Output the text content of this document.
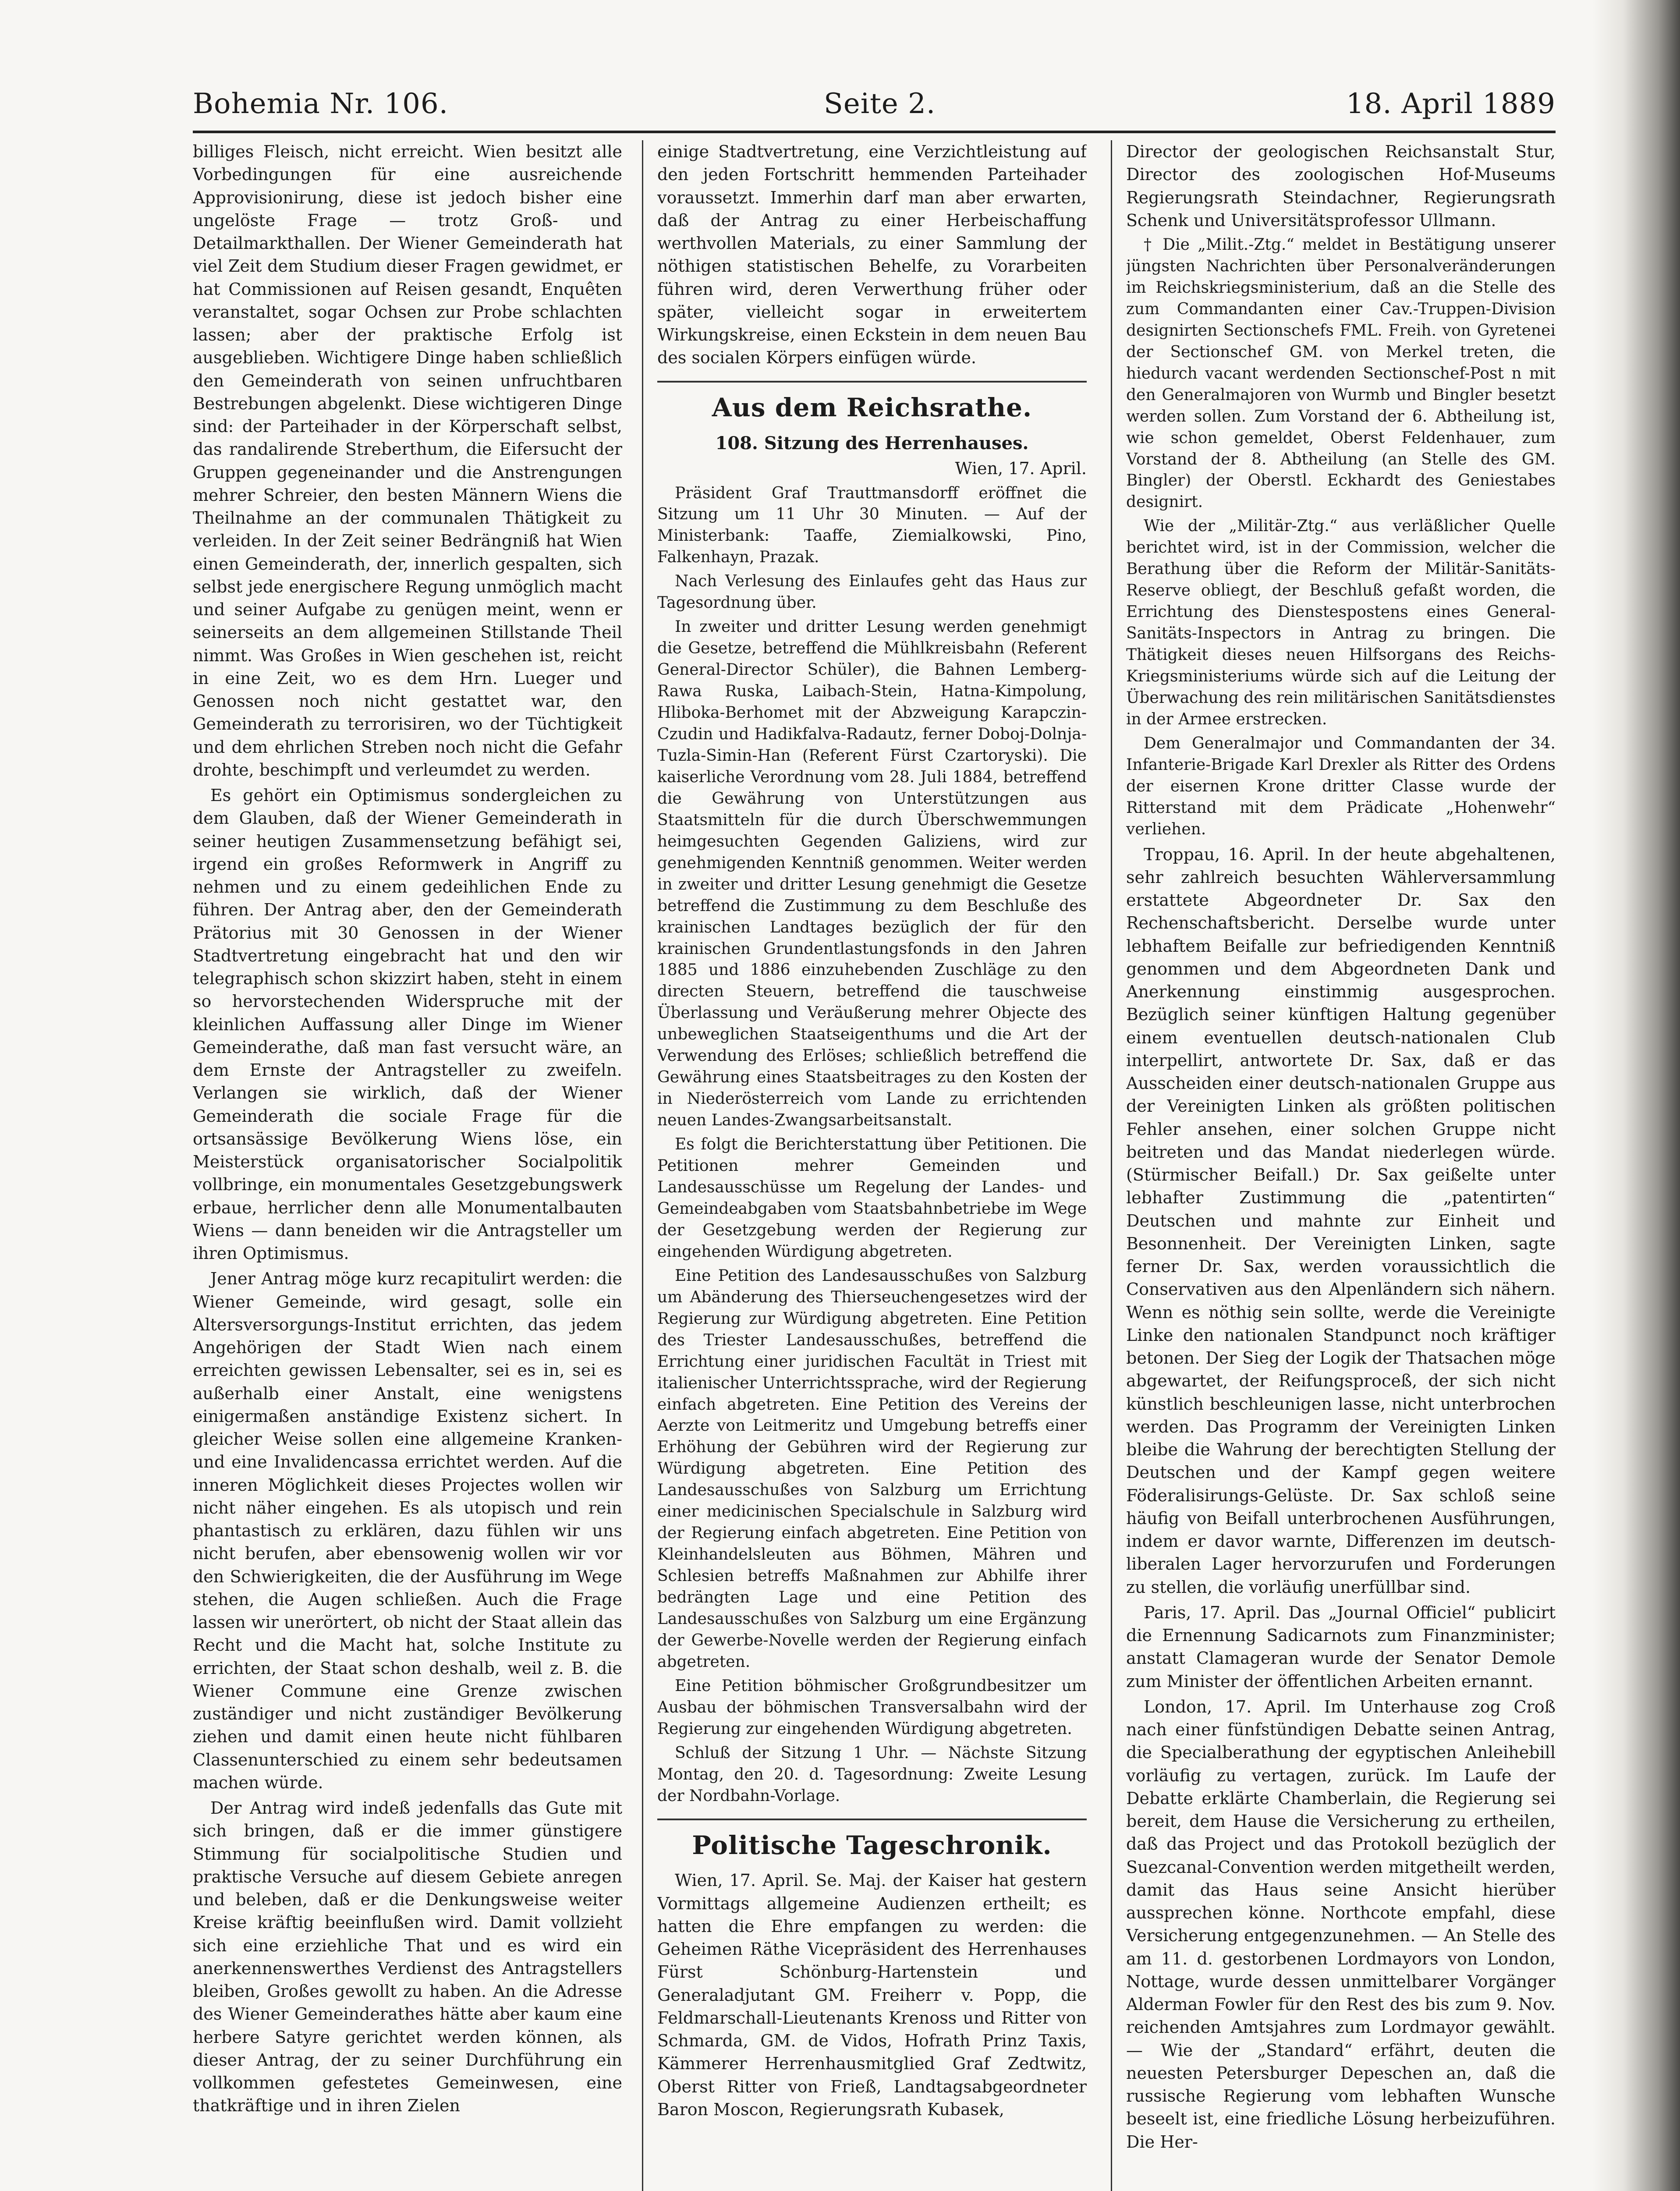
Bohemia Nr. 106.	Seite 2.	18. April 1889

billiges Fleisch, nicht erreicht. Wien besitzt alle Vorbedingungen für eine ausreichende Approvisionirung, diese ist jedoch bisher eine ungelöste Frage — trotz Groß- und Detailmarkthallen. Der Wiener Gemeinderath hat viel Zeit dem Studium dieser Fragen gewidmet, er hat Commissionen auf Reisen gesandt, Enquêten veranstaltet, sogar Ochsen zur Probe schlachten lassen; aber der praktische Erfolg ist ausgeblieben. Wichtigere Dinge haben schließlich den Gemeinderath von seinen unfruchtbaren Bestrebungen abgelenkt. Diese wichtigeren Dinge sind: der Parteihader in der Körperschaft selbst, das randalirende Streberthum, die Eifersucht der Gruppen gegeneinander und die Anstrengungen mehrer Schreier, den besten Männern Wiens die Theilnahme an der communalen Thätigkeit zu verleiden. In der Zeit seiner Bedrängniß hat Wien einen Gemeinderath, der, innerlich gespalten, sich selbst jede energischere Regung unmöglich macht und seiner Aufgabe zu genügen meint, wenn er seinerseits an dem allgemeinen Stillstande Theil nimmt. Was Großes in Wien geschehen ist, reicht in eine Zeit, wo es dem Hrn. Lueger und Genossen noch nicht gestattet war, den Gemeinderath zu terrorisiren, wo der Tüchtigkeit und dem ehrlichen Streben noch nicht die Gefahr drohte, beschimpft und verleumdet zu werden.

Es gehört ein Optimismus sondergleichen zu dem Glauben, daß der Wiener Gemeinderath in seiner heutigen Zusammensetzung befähigt sei, irgend ein großes Reformwerk in Angriff zu nehmen und zu einem gedeihlichen Ende zu führen. Der Antrag aber, den der Gemeinderath Prätorius mit 30 Genossen in der Wiener Stadtvertretung eingebracht hat und den wir telegraphisch schon skizzirt haben, steht in einem so hervorstechenden Widerspruche mit der kleinlichen Auffassung aller Dinge im Wiener Gemeinderathe, daß man fast versucht wäre, an dem Ernste der Antragsteller zu zweifeln. Verlangen sie wirklich, daß der Wiener Gemeinderath die sociale Frage für die ortsansässige Bevölkerung Wiens löse, ein Meisterstück organisatorischer Socialpolitik vollbringe, ein monumentales Gesetzgebungswerk erbaue, herrlicher denn alle Monumentalbauten Wiens — dann beneiden wir die Antragsteller um ihren Optimismus.

Jener Antrag möge kurz recapitulirt werden: die Wiener Gemeinde, wird gesagt, solle ein Altersversorgungs-Institut errichten, das jedem Angehörigen der Stadt Wien nach einem erreichten gewissen Lebensalter, sei es in, sei es außerhalb einer Anstalt, eine wenigstens einigermaßen anständige Existenz sichert. In gleicher Weise sollen eine allgemeine Kranken- und eine Invalidencassa errichtet werden. Auf die inneren Möglichkeit dieses Projectes wollen wir nicht näher eingehen. Es als utopisch und rein phantastisch zu erklären, dazu fühlen wir uns nicht berufen, aber ebensowenig wollen wir vor den Schwierigkeiten, die der Ausführung im Wege stehen, die Augen schließen. Auch die Frage lassen wir unerörtert, ob nicht der Staat allein das Recht und die Macht hat, solche Institute zu errichten, der Staat schon deshalb, weil z. B. die Wiener Commune eine Grenze zwischen zuständiger und nicht zuständiger Bevölkerung ziehen und damit einen heute nicht fühlbaren Classenunterschied zu einem sehr bedeutsamen machen würde.

Der Antrag wird indeß jedenfalls das Gute mit sich bringen, daß er die immer günstigere Stimmung für socialpolitische Studien und praktische Versuche auf diesem Gebiete anregen und beleben, daß er die Denkungsweise weiter Kreise kräftig beeinflußen wird. Damit vollzieht sich eine erziehliche That und es wird ein anerkennenswerthes Verdienst des Antragstellers bleiben, Großes gewollt zu haben. An die Adresse des Wiener Gemeinderathes hätte aber kaum eine herbere Satyre gerichtet werden können, als dieser Antrag, der zu seiner Durchführung ein vollkommen gefestetes Gemeinwesen, eine thatkräftige und in ihren Zielen

einige Stadtvertretung, eine Verzichtleistung auf den jeden Fortschritt hemmenden Parteihader voraussetzt. Immerhin darf man aber erwarten, daß der Antrag zu einer Herbeischaffung werthvollen Materials, zu einer Sammlung der nöthigen statistischen Behelfe, zu Vorarbeiten führen wird, deren Verwerthung früher oder später, vielleicht sogar in erweitertem Wirkungskreise, einen Eckstein in dem neuen Bau des socialen Körpers einfügen würde.

Aus dem Reichsrathe.
108. Sitzung des Herrenhauses.
Wien, 17. April.

Präsident Graf Trauttmansdorff eröffnet die Sitzung um 11 Uhr 30 Minuten. — Auf der Ministerbank: Taaffe, Ziemialkowski, Pino, Falkenhayn, Prazak.

Nach Verlesung des Einlaufes geht das Haus zur Tagesordnung über.

In zweiter und dritter Lesung werden genehmigt die Gesetze, betreffend die Mühlkreisbahn (Referent General-Director Schüler), die Bahnen Lemberg-Rawa Ruska, Laibach-Stein, Hatna-Kimpolung, Hliboka-Berhomet mit der Abzweigung Karapczin-Czudin und Hadikfalva-Radautz, ferner Doboj-Dolnja-Tuzla-Simin-Han (Referent Fürst Czartoryski). Die kaiserliche Verordnung vom 28. Juli 1884, betreffend die Gewährung von Unterstützungen aus Staatsmitteln für die durch Überschwemmungen heimgesuchten Gegenden Galiziens, wird zur genehmigenden Kenntniß genommen. Weiter werden in zweiter und dritter Lesung genehmigt die Gesetze betreffend die Zustimmung zu dem Beschluße des krainischen Landtages bezüglich der für den krainischen Grundentlastungsfonds in den Jahren 1885 und 1886 einzuhebenden Zuschläge zu den directen Steuern, betreffend die tauschweise Überlassung und Veräußerung mehrer Objecte des unbeweglichen Staatseigenthums und die Art der Verwendung des Erlöses; schließlich betreffend die Gewährung eines Staatsbeitrages zu den Kosten der in Niederösterreich vom Lande zu errichtenden neuen Landes-Zwangsarbeitsanstalt.

Es folgt die Berichterstattung über Petitionen. Die Petitionen mehrer Gemeinden und Landesausschüsse um Regelung der Landes- und Gemeindeabgaben vom Staatsbahnbetriebe im Wege der Gesetzgebung werden der Regierung zur eingehenden Würdigung abgetreten.

Eine Petition des Landesausschußes von Salzburg um Abänderung des Thierseuchengesetzes wird der Regierung zur Würdigung abgetreten. Eine Petition des Triester Landesausschußes, betreffend die Errichtung einer juridischen Facultät in Triest mit italienischer Unterrichtssprache, wird der Regierung einfach abgetreten. Eine Petition des Vereins der Aerzte von Leitmeritz und Umgebung betreffs einer Erhöhung der Gebühren wird der Regierung zur Würdigung abgetreten. Eine Petition des Landesausschußes von Salzburg um Errichtung einer medicinischen Specialschule in Salzburg wird der Regierung einfach abgetreten. Eine Petition von Kleinhandelsleuten aus Böhmen, Mähren und Schlesien betreffs Maßnahmen zur Abhilfe ihrer bedrängten Lage und eine Petition des Landesausschußes von Salzburg um eine Ergänzung der Gewerbe-Novelle werden der Regierung einfach abgetreten.

Eine Petition böhmischer Großgrundbesitzer um Ausbau der böhmischen Transversalbahn wird der Regierung zur eingehenden Würdigung abgetreten.

Schluß der Sitzung 1 Uhr. — Nächste Sitzung Montag, den 20. d. Tagesordnung: Zweite Lesung der Nordbahn-Vorlage.

Politische Tageschronik.

Wien, 17. April. Se. Maj. der Kaiser hat gestern Vormittags allgemeine Audienzen ertheilt; es hatten die Ehre empfangen zu werden: die Geheimen Räthe Vicepräsident des Herrenhauses Fürst Schönburg-Hartenstein und Generaladjutant GM. Freiherr v. Popp, die Feldmarschall-Lieutenants Krenoss und Ritter von Schmarda, GM. de Vidos, Hofrath Prinz Taxis, Kämmerer Herrenhausmitglied Graf Zedtwitz, Oberst Ritter von Frieß, Landtagsabgeordneter Baron Moscon, Regierungsrath Kubasek,

Director der geologischen Reichsanstalt Stur, Director des zoologischen Hof-Museums Regierungsrath Steindachner, Regierungsrath Schenk und Universitätsprofessor Ullmann.

† Die „Milit.-Ztg.“ meldet in Bestätigung unserer jüngsten Nachrichten über Personalveränderungen im Reichskriegsministerium, daß an die Stelle des zum Commandanten einer Cav.-Truppen-Division designirten Sectionschefs FML. Freih. von Gyretenei der Sectionschef GM. von Merkel treten, die hiedurch vacant werdenden Sectionschef-Post n mit den Generalmajoren von Wurmb und Bingler besetzt werden sollen. Zum Vorstand der 6. Abtheilung ist, wie schon gemeldet, Oberst Feldenhauer, zum Vorstand der 8. Abtheilung (an Stelle des GM. Bingler) der Oberstl. Eckhardt des Geniestabes designirt.

Wie der „Militär-Ztg.“ aus verläßlicher Quelle berichtet wird, ist in der Commission, welcher die Berathung über die Reform der Militär-Sanitäts-Reserve obliegt, der Beschluß gefaßt worden, die Errichtung des Dienstespostens eines General-Sanitäts-Inspectors in Antrag zu bringen. Die Thätigkeit dieses neuen Hilfsorgans des Reichs-Kriegsministeriums würde sich auf die Leitung der Überwachung des rein militärischen Sanitätsdienstes in der Armee erstrecken.

Dem Generalmajor und Commandanten der 34. Infanterie-Brigade Karl Drexler als Ritter des Ordens der eisernen Krone dritter Classe wurde der Ritterstand mit dem Prädicate „Hohenwehr“ verliehen.

Troppau, 16. April. In der heute abgehaltenen, sehr zahlreich besuchten Wählerversammlung erstattete Abgeordneter Dr. Sax den Rechenschaftsbericht. Derselbe wurde unter lebhaftem Beifalle zur befriedigenden Kenntniß genommen und dem Abgeordneten Dank und Anerkennung einstimmig ausgesprochen. Bezüglich seiner künftigen Haltung gegenüber einem eventuellen deutsch-nationalen Club interpellirt, antwortete Dr. Sax, daß er das Ausscheiden einer deutsch-nationalen Gruppe aus der Vereinigten Linken als größten politischen Fehler ansehen, einer solchen Gruppe nicht beitreten und das Mandat niederlegen würde. (Stürmischer Beifall.) Dr. Sax geißelte unter lebhafter Zustimmung die „patentirten“ Deutschen und mahnte zur Einheit und Besonnenheit. Der Vereinigten Linken, sagte ferner Dr. Sax, werden voraussichtlich die Conservativen aus den Alpenländern sich nähern. Wenn es nöthig sein sollte, werde die Vereinigte Linke den nationalen Standpunct noch kräftiger betonen. Der Sieg der Logik der Thatsachen möge abgewartet, der Reifungsproceß, der sich nicht künstlich beschleunigen lasse, nicht unterbrochen werden. Das Programm der Vereinigten Linken bleibe die Wahrung der berechtigten Stellung der Deutschen und der Kampf gegen weitere Föderalisirungs-Gelüste. Dr. Sax schloß seine häufig von Beifall unterbrochenen Ausführungen, indem er davor warnte, Differenzen im deutsch-liberalen Lager hervorzurufen und Forderungen zu stellen, die vorläufig unerfüllbar sind.

Paris, 17. April. Das „Journal Officiel“ publicirt die Ernennung Sadicarnots zum Finanzminister; anstatt Clamageran wurde der Senator Demole zum Minister der öffentlichen Arbeiten ernannt.

London, 17. April. Im Unterhause zog Croß nach einer fünfstündigen Debatte seinen Antrag, die Specialberathung der egyptischen Anleihebill vorläufig zu vertagen, zurück. Im Laufe der Debatte erklärte Chamberlain, die Regierung sei bereit, dem Hause die Versicherung zu ertheilen, daß das Project und das Protokoll bezüglich der Suezcanal-Convention werden mitgetheilt werden, damit das Haus seine Ansicht hierüber aussprechen könne. Northcote empfahl, diese Versicherung entgegenzunehmen. — An Stelle des am 11. d. gestorbenen Lordmayors von London, Nottage, wurde dessen unmittelbarer Vorgänger Alderman Fowler für den Rest des bis zum 9. Nov. reichenden Amtsjahres zum Lordmayor gewählt. — Wie der „Standard“ erfährt, deuten die neuesten Petersburger Depeschen an, daß die russische Regierung vom lebhaften Wunsche beseelt ist, eine friedliche Lösung herbeizuführen. Die Her-
